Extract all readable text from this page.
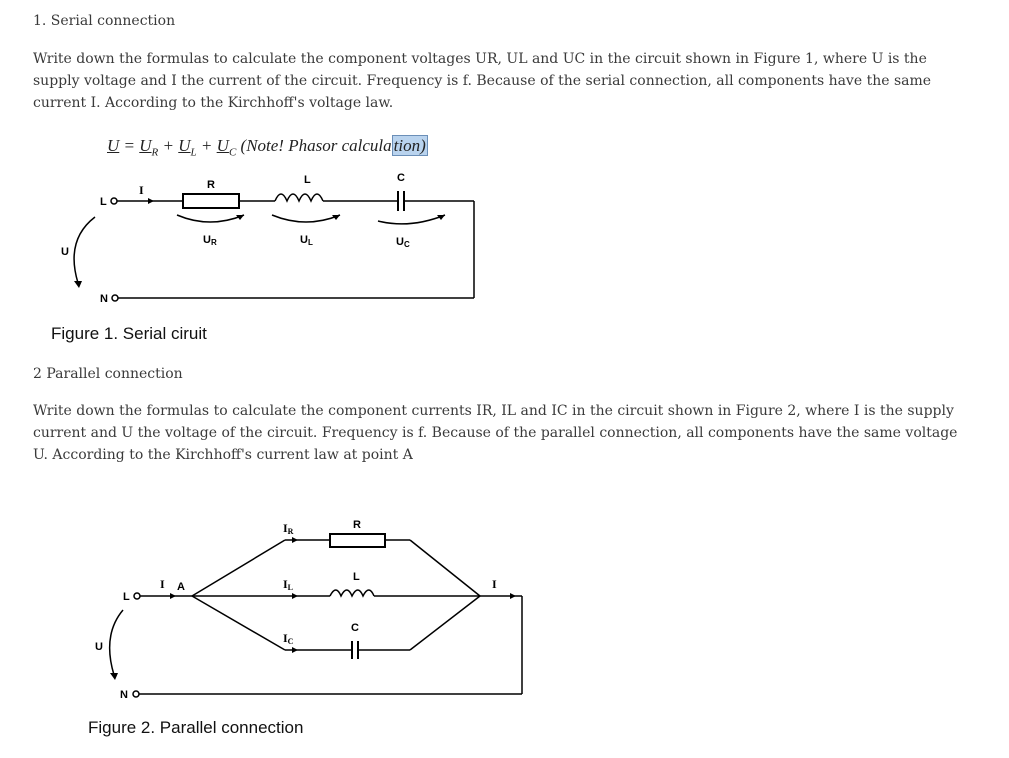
1. Serial connection
Write down the formulas to calculate the component voltages UR, UL and UC in the circuit shown in Figure 1, where U is the supply voltage and I the current of the circuit. Frequency is f. Because of the serial connection, all components have the same current I. According to the Kirchhoff's voltage law.
$U = U_R + U_L + U_C$ (Note! Phasor calcula tion)
L
I	R	L	C
N
UR	UL	UC
U
Figure 1. Serial ciruit
2 Parallel connection
Write down the formulas to calculate the component currents IR, IL and IC in the circuit shown in Figure 2, where I is the supply current and U the voltage of the circuit. Frequency is f. Because of the parallel connection, all components have the same voltage U. According to the Kirchhoff's current law at point A
L
I A
IR
R
IL
L	I
IC
C
N
U
Figure 2. Parallel connection
